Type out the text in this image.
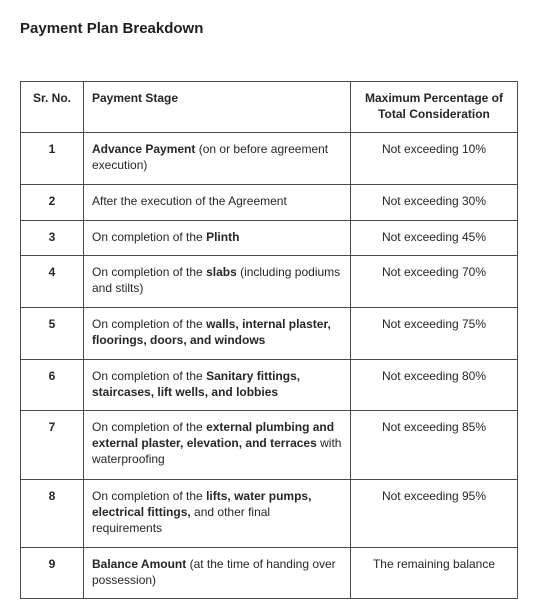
Payment Plan Breakdown
Sr. No.	Payment Stage	Maximum Percentage of Total Consideration
1	Advance Payment (on or before agreement execution)	Not exceeding 10%
2	After the execution of the Agreement	Not exceeding 30%
3	On completion of the Plinth	Not exceeding 45%
4	On completion of the slabs (including podiums and stilts)	Not exceeding 70%
5	On completion of the walls, internal plaster, floorings, doors, and windows	Not exceeding 75%
6	On completion of the Sanitary fittings, staircases, lift wells, and lobbies	Not exceeding 80%
7	On completion of the external plumbing and external plaster, elevation, and terraces with waterproofing	Not exceeding 85%
8	On completion of the lifts, water pumps, electrical fittings, and other final requirements	Not exceeding 95%
9	Balance Amount (at the time of handing over possession)	The remaining balance
